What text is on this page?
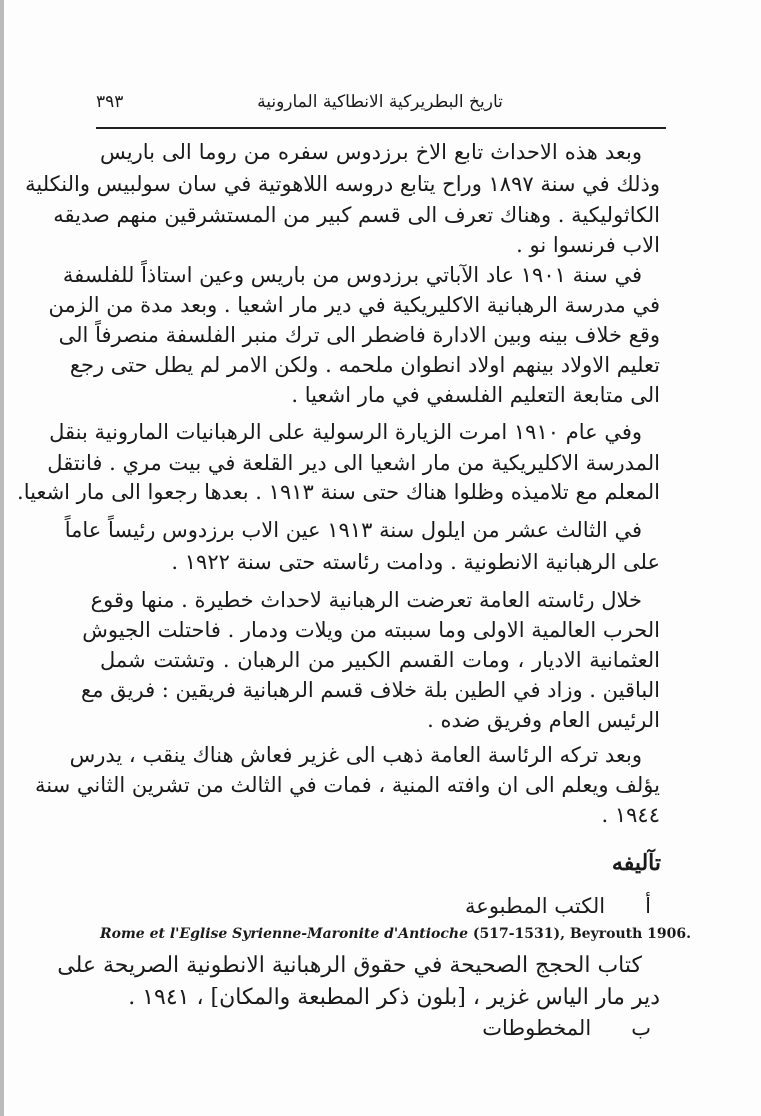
تاريخ البطريركية الانطاكية المارونية
٣٩٣
وبعد هذه الاحداث تابع الاخ برزدوس سفره من روما الى باريس
وذلك في سنة ١٨٩٧ وراح يتابع دروسه اللاهوتية في سان سولبيس والنكلية
الكاثوليكية . وهناك تعرف الى قسم كبير من المستشرقين منهم صديقه
الاب فرنسوا نو .
في سنة ١٩٠١ عاد الآباتي برزدوس من باريس وعين استاذاً للفلسفة
في مدرسة الرهبانية الاكليريكية في دير مار اشعيا . وبعد مدة من الزمن
وقع خلاف بينه وبين الادارة فاضطر الى ترك منبر الفلسفة منصرفاً الى
تعليم الاولاد بينهم اولاد انطوان ملحمه . ولكن الامر لم يطل حتى رجع
الى متابعة التعليم الفلسفي في مار اشعيا .
وفي عام ١٩١٠ امرت الزيارة الرسولية على الرهبانيات المارونية بنقل
المدرسة الاكليريكية من مار اشعيا الى دير القلعة في بيت مري . فانتقل
المعلم مع تلاميذه وظلوا هناك حتى سنة ١٩١٣ . بعدها رجعوا الى مار اشعيا.
في الثالث عشر من ايلول سنة ١٩١٣ عين الاب برزدوس رئيساً عاماً
على الرهبانية الانطونية . ودامت رئاسته حتى سنة ١٩٢٢ .
خلال رئاسته العامة تعرضت الرهبانية لاحداث خطيرة . منها وقوع
الحرب العالمية الاولى وما سببته من ويلات ودمار . فاحتلت الجيوش
العثمانية الاديار ، ومات القسم الكبير من الرهبان . وتشتت شمل
الباقين . وزاد في الطين بلة خلاف قسم الرهبانية فريقين : فريق مع
الرئيس العام وفريق ضده .
وبعد تركه الرئاسة العامة ذهب الى غزير فعاش هناك ينقب ، يدرس
يؤلف ويعلم الى ان وافته المنية ، فمات في الثالث من تشرين الثاني سنة
١٩٤٤ .
تآليفه
أ      الكتب المطبوعة
Rome et l'Eglise Syrienne-Maronite d'Antioche (517-1531), Beyrouth 1906.
كتاب الحجج الصحيحة في حقوق الرهبانية الانطونية الصريحة على
دير مار الياس غزير ، [بلون ذكر المطبعة والمكان] ، ١٩٤١ .
ب      المخطوطات
